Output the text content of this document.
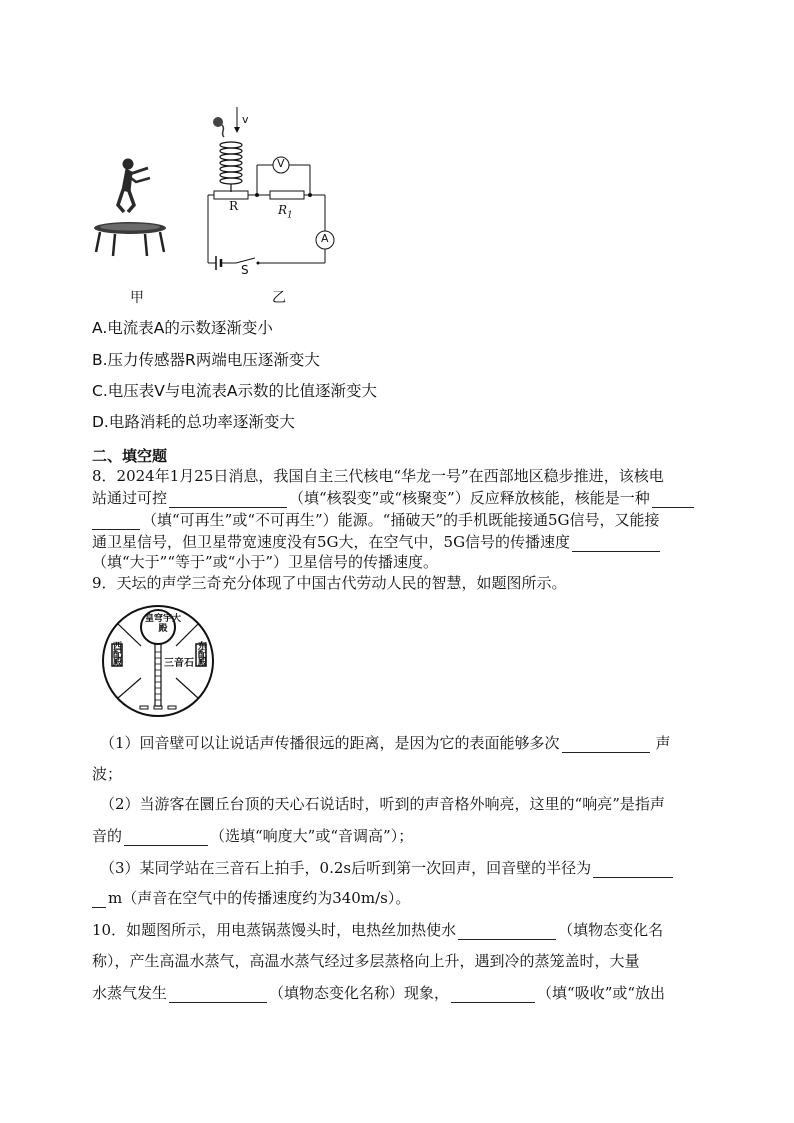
甲
v
V
R	$R_1$
A
S
乙
A.电流表A的示数逐渐变小
B.压力传感器R两端电压逐渐变大
C.电压表V与电流表A示数的比值逐渐变大
D.电路消耗的总功率逐渐变大
二、填空题
8．2024年1月25日消息，我国自主三代核电“华龙一号”在西部地区稳步推进，该核电
站通过可控	（填“核裂变”或“核聚变”）反应释放核能，核能是一种
（填“可再生”或“不可再生”）能源。“捅破天”的手机既能接通5G信号，又能接
通卫星信号，但卫星带宽速度没有5G大，在空气中，5G信号的传播速度
（填“大于”“等于”或“小于”）卫星信号的传播速度。
9．天坛的声学三奇充分体现了中国古代劳动人民的智慧，如题图所示。
皇穹宇大殿
西配殿
东配殿
三音石
（1）回音壁可以让说话声传播很远的距离，是因为它的表面能够多次	声
波；
（2）当游客在圜丘台顶的天心石说话时，听到的声音格外响亮，这里的“响亮”是指声
音的	（选填“响度大”或“音调高”）；
（3）某同学站在三音石上拍手，0.2s后听到第一次回声，回音壁的半径为
m（声音在空气中的传播速度约为340m/s）。
10．如题图所示，用电蒸锅蒸馒头时，电热丝加热使水	（填物态变化名
称），产生高温水蒸气，高温水蒸气经过多层蒸格向上升，遇到冷的蒸笼盖时，大量
水蒸气发生	（填物态变化名称）现象，	（填“吸收”或“放出
